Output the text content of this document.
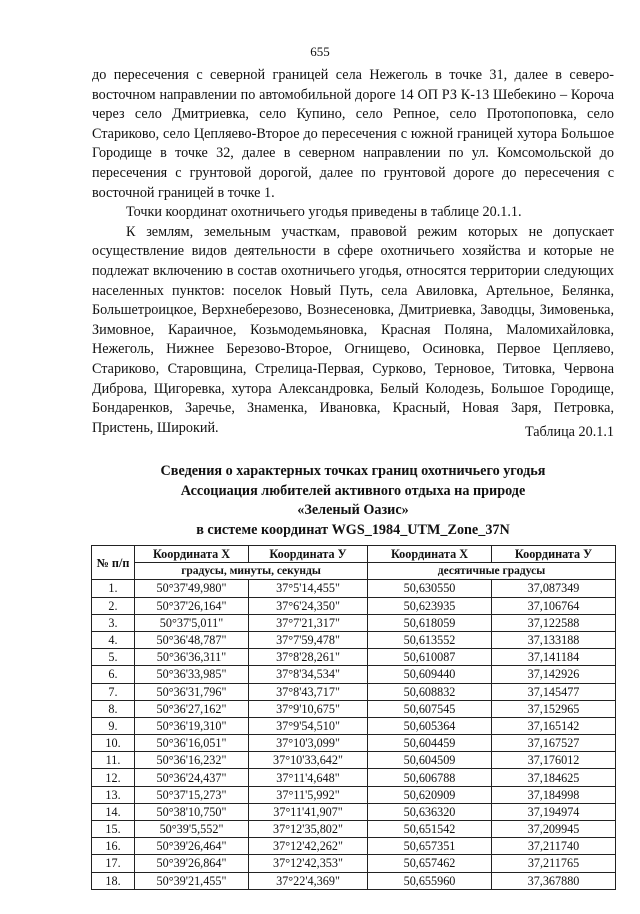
655

до пересечения с северной границей села Нежеголь в точке 31, далее в северо-восточном направлении по автомобильной дороге 14 ОП РЗ К-13 Шебекино – Короча через село Дмитриевка, село Купино, село Репное, село Протопоповка, село Стариково, село Цепляево-Второе до пересечения с южной границей хутора Большое Городище в точке 32, далее в северном направлении по ул. Комсомольской до пересечения с грунтовой дорогой, далее по грунтовой дороге до пересечения с восточной границей в точке 1.

Точки координат охотничьего угодья приведены в таблице 20.1.1.

К землям, земельным участкам, правовой режим которых не допускает осуществление видов деятельности в сфере охотничьего хозяйства и которые не подлежат включению в состав охотничьего угодья, относятся территории следующих населенных пунктов: поселок Новый Путь, села Авиловка, Артельное, Белянка, Большетроицкое, Верхнеберезово, Вознесеновка, Дмитриевка, Заводцы, Зимовенька, Зимовное, Караичное, Козьмодемьяновка, Красная Поляна, Маломихайловка, Нежеголь, Нижнее Березово-Второе, Огнищево, Осиновка, Первое Цепляево, Стариково, Старовщина, Стрелица-Первая, Сурково, Терновое, Титовка, Червона Диброва, Щигоревка, хутора Александровка, Белый Колодезь, Большое Городище, Бондаренков, Заречье, Знаменка, Ивановка, Красный, Новая Заря, Петровка, Пристень, Широкий.	Таблица 20.1.1
Сведения о характерных точках границ охотничьего угодья
Ассоциация любителей активного отдыха на природе
«Зеленый Оазис»
в системе координат WGS_1984_UTM_Zone_37N
№ п/п	Координата X	Координата У	Координата X	Координата У
	градусы, минуты, секунды		десятичные градусы	
1.	50°37'49,980"	37°5'14,455"	50,630550	37,087349
2.	50°37'26,164"	37°6'24,350"	50,623935	37,106764
3.	50°37'5,011"	37°7'21,317"	50,618059	37,122588
4.	50°36'48,787"	37°7'59,478"	50,613552	37,133188
5.	50°36'36,311"	37°8'28,261"	50,610087	37,141184
6.	50°36'33,985"	37°8'34,534"	50,609440	37,142926
7.	50°36'31,796"	37°8'43,717"	50,608832	37,145477
8.	50°36'27,162"	37°9'10,675"	50,607545	37,152965
9.	50°36'19,310"	37°9'54,510"	50,605364	37,165142
10.	50°36'16,051"	37°10'3,099"	50,604459	37,167527
11.	50°36'16,232"	37°10'33,642"	50,604509	37,176012
12.	50°36'24,437"	37°11'4,648"	50,606788	37,184625
13.	50°37'15,273"	37°11'5,992"	50,620909	37,184998
14.	50°38'10,750"	37°11'41,907"	50,636320	37,194974
15.	50°39'5,552"	37°12'35,802"	50,651542	37,209945
16.	50°39'26,464"	37°12'42,262"	50,657351	37,211740
17.	50°39'26,864"	37°12'42,353"	50,657462	37,211765
18.	50°39'21,455"	37°22'4,369"	50,655960	37,367880
